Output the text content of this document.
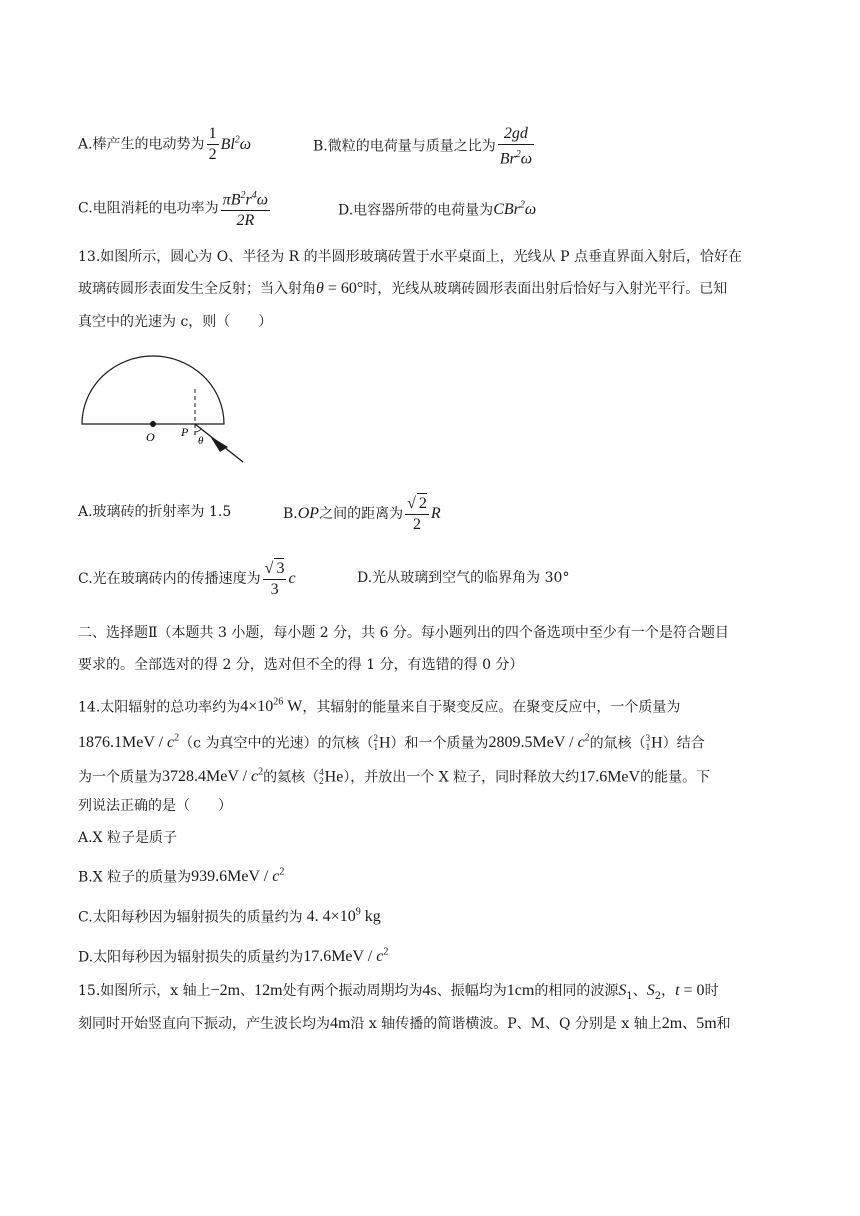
A.棒产生的电动势为 $\frac{1}{2} Bl^2\omega$	B.微粒的电荷量与质量之比为 $\frac{2gd}{Br^2\omega}$
C.电阻消耗的电功率为 $\frac{\pi B^2r^4\omega}{2R}$	D.电容器所带的电荷量为CBr$^2$ω
13.如图所示，圆心为 O、半径为 R 的半圆形玻璃砖置于水平桌面上，光线从 P 点垂直界面入射后，恰好在
玻璃砖圆形表面发生全反射；当入射角θ = 60°时，光线从玻璃砖圆形表面出射后恰好与入射光平行。已知
真空中的光速为 c，则（　　）
O P
θ
A.玻璃砖的折射率为 1.5	B.OP之间的距离为 $\frac{√ 2}{2}$ R
C.光在玻璃砖内的传播速度为 $\frac{√ 3}{3}$ c	D.光从玻璃到空气的临界角为 30°
二、选择题Ⅱ（本题共 3 小题，每小题 2 分，共 6 分。每小题列出的四个备选项中至少有一个是符合题目
要求的。全部选对的得 2 分，选对但不全的得 1 分，有选错的得 0 分）
14.太阳辐射的总功率约为$4\times 10^{26}$ W，其辐射的能量来自于聚变反应。在聚变反应中，一个质量为
$1876.1MeV / c^2(c$ 为真空中的光速）的氘核（ 2
1 H）和一个质量为$2809.5MeV / c^2$的氚核（ 3
1 H）结合
为一个质量为$3728.4MeV / c^2$的氦核（ 4
2 He），并放出一个 X 粒子，同时释放大约17.6MeV的能量。下
列说法正确的是（　　）
A.X 粒子是质子
B.X 粒子的质量为$939.6MeV / c^2$
C.太阳每秒因为辐射损失的质量约为 4. $4\times 10^9$ kg
D.太阳每秒因为辐射损失的质量约为$17.6MeV / c^2$
15.如图所示，x 轴上−2m、12m处有两个振动周期均为4s、振幅均为1cm的相同的波源$S_1$、$S_2$，t = 0时
刻同时开始竖直向下振动，产生波长均为4m沿 x 轴传播的简谐横波。P、M、Q 分别是 x 轴上2m、5m和
